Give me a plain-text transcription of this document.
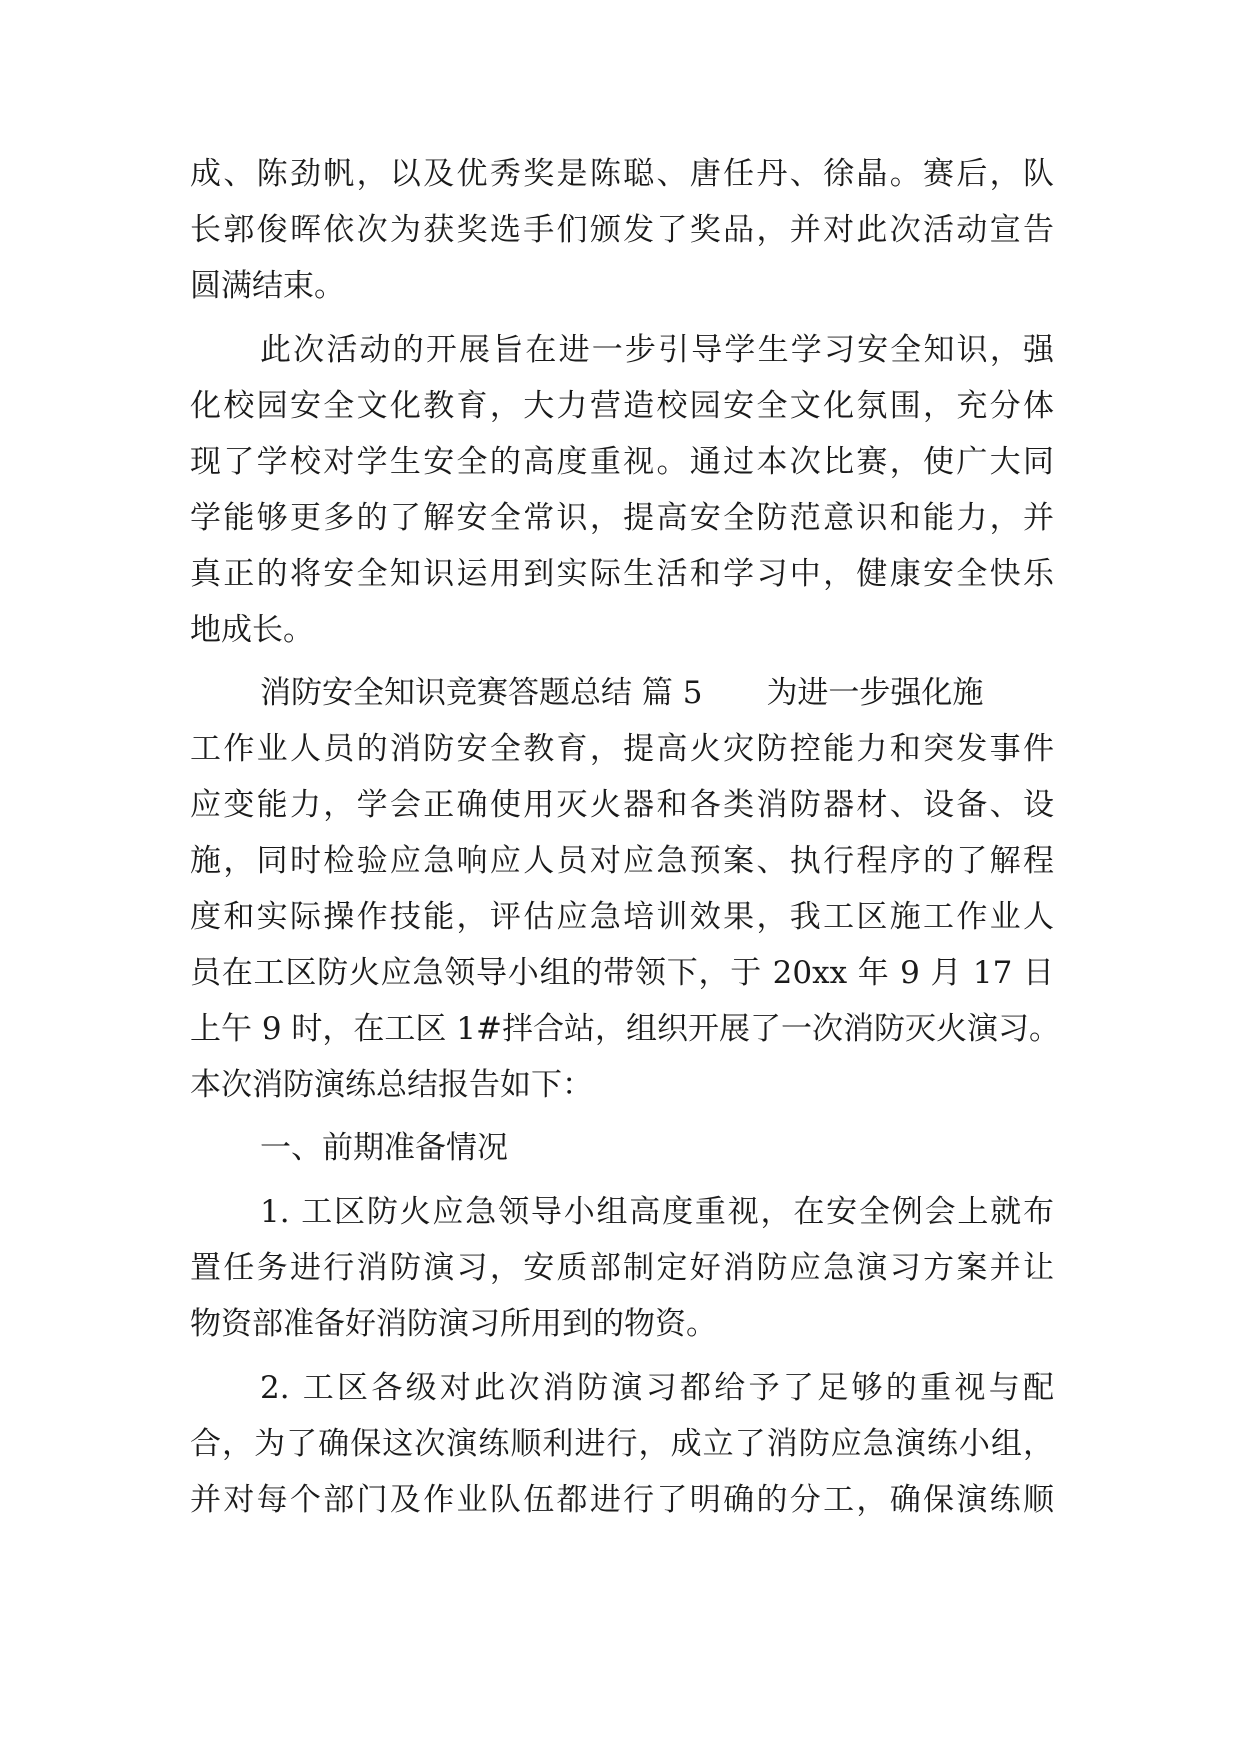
成、陈劲帆，以及优秀奖是陈聪、唐任丹、徐晶。赛后，队
长郭俊晖依次为获奖选手们颁发了奖品，并对此次活动宣告
圆满结束。
此次活动的开展旨在进一步引导学生学习安全知识，强
化校园安全文化教育，大力营造校园安全文化氛围，充分体
现了学校对学生安全的高度重视。通过本次比赛，使广大同
学能够更多的了解安全常识，提高安全防范意识和能力，并
真正的将安全知识运用到实际生活和学习中，健康安全快乐
地成长。
消防安全知识竞赛答题总结 篇 5 为进一步强化施
工作业人员的消防安全教育，提高火灾防控能力和突发事件
应变能力，学会正确使用灭火器和各类消防器材、设备、设
施，同时检验应急响应人员对应急预案、执行程序的了解程
度和实际操作技能，评估应急培训效果，我工区施工作业人
员在工区防火应急领导小组的带领下，于 20xx 年 9 月 17 日
上午 9 时，在工区 1#拌合站，组织开展了一次消防灭火演习。
本次消防演练总结报告如下：
一、前期准备情况
1. 工区防火应急领导小组高度重视，在安全例会上就布
置任务进行消防演习，安质部制定好消防应急演习方案并让
物资部准备好消防演习所用到的物资。
2. 工区各级对此次消防演习都给予了足够的重视与配
合，为了确保这次演练顺利进行，成立了消防应急演练小组，
并对每个部门及作业队伍都进行了明确的分工，确保演练顺
